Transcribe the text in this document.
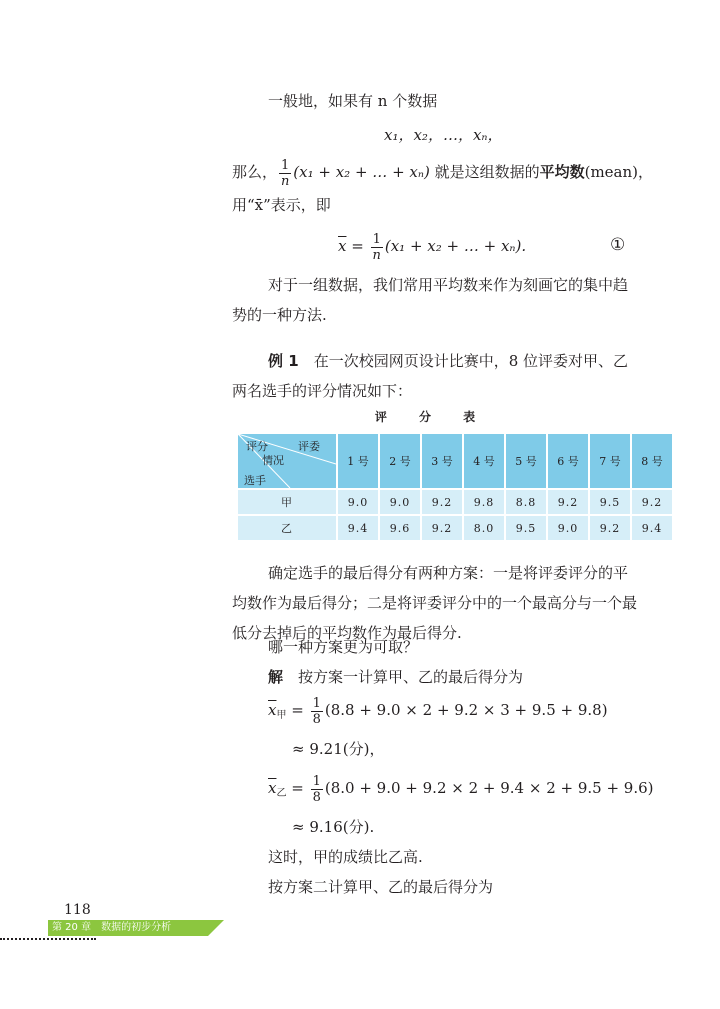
一般地，如果有 n 个数据
x₁，x₂，…，xₙ，
那么， $\frac{1}{n} (x_1 + x_2$ + … + xₙ) 就是这组数据的平均数(mean)，
用“x̄”表示，即
$\overline{x} = \frac{1}{n} (x_1 + x_2$ + … + xₙ).	①
对于一组数据，我们常用平均数来作为刻画它的集中趋势的一种方法.
例 1　 在一次校园网页设计比赛中，8 位评委对甲、乙两名选手的评分情况如下：
评 分 表
评委
评分
情况
选手	1 号	2 号	3 号	4 号	5 号	6 号	7 号	8 号
甲	9.0	9.0	9.2	9.8	8.8	9.2	9.5	9.2
乙	9.4	9.6	9.2	8.0	9.5	9.0	9.2	9.4
确定选手的最后得分有两种方案：一是将评委评分的平均数作为最后得分；二是将评委评分中的一个最高分与一个最低分去掉后的平均数作为最后得分.
哪一种方案更为可取？
解　 按方案一计算甲、乙的最后得分为
$\overline{x}_甲 = \frac{1}{8} (8.8 + 9.0 \times 2 + 9.2 \times 3 + 9.5 + 9.8)$
≈ 9.21(分)，
$\overline{x}_乙 = \frac{1}{8} (8.0 + 9.0 + 9.2 \times 2 + 9.4 \times 2 + 9.5 + 9.6)$
≈ 9.16(分).
这时，甲的成绩比乙高.
按方案二计算甲、乙的最后得分为
118
第 20 章　数据的初步分析
